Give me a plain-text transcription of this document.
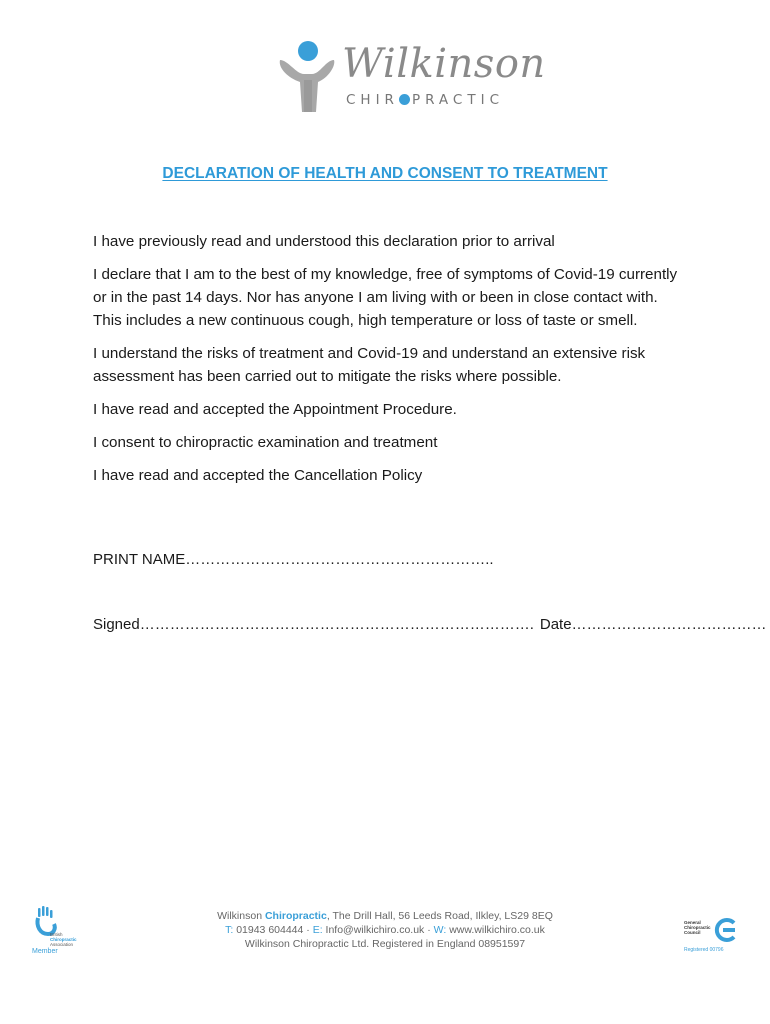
Wilkinson
CHIR PRACTIC
DECLARATION OF HEALTH AND CONSENT TO TREATMENT

I have previously read and understood this declaration prior to arrival

I declare that I am to the best of my knowledge, free of symptoms of Covid-19 currently or in the past 14 days. Nor has anyone I am living with or been in close contact with. This includes a new continuous cough, high temperature or loss of taste or smell.

I understand the risks of treatment and Covid-19 and understand an extensive risk assessment has been carried out to mitigate the risks where possible.

I have read and accepted the Appointment Procedure.

I consent to chiropractic examination and treatment

I have read and accepted the Cancellation Policy

PRINT NAME……………………………………………………..
Signed……………………………………………………………………. Date…………………………………
British
Chiropractic
Association
Member
Wilkinson Chiropractic, The Drill Hall, 56 Leeds Road, Ilkley, LS29 8EQ
T: 01943 604444 · E: Info@wilkichiro.co.uk · W: www.wilkichiro.co.uk
Wilkinson Chiropractic Ltd. Registered in England 08951597
General
Chiropractic
Council
Registered 00796
